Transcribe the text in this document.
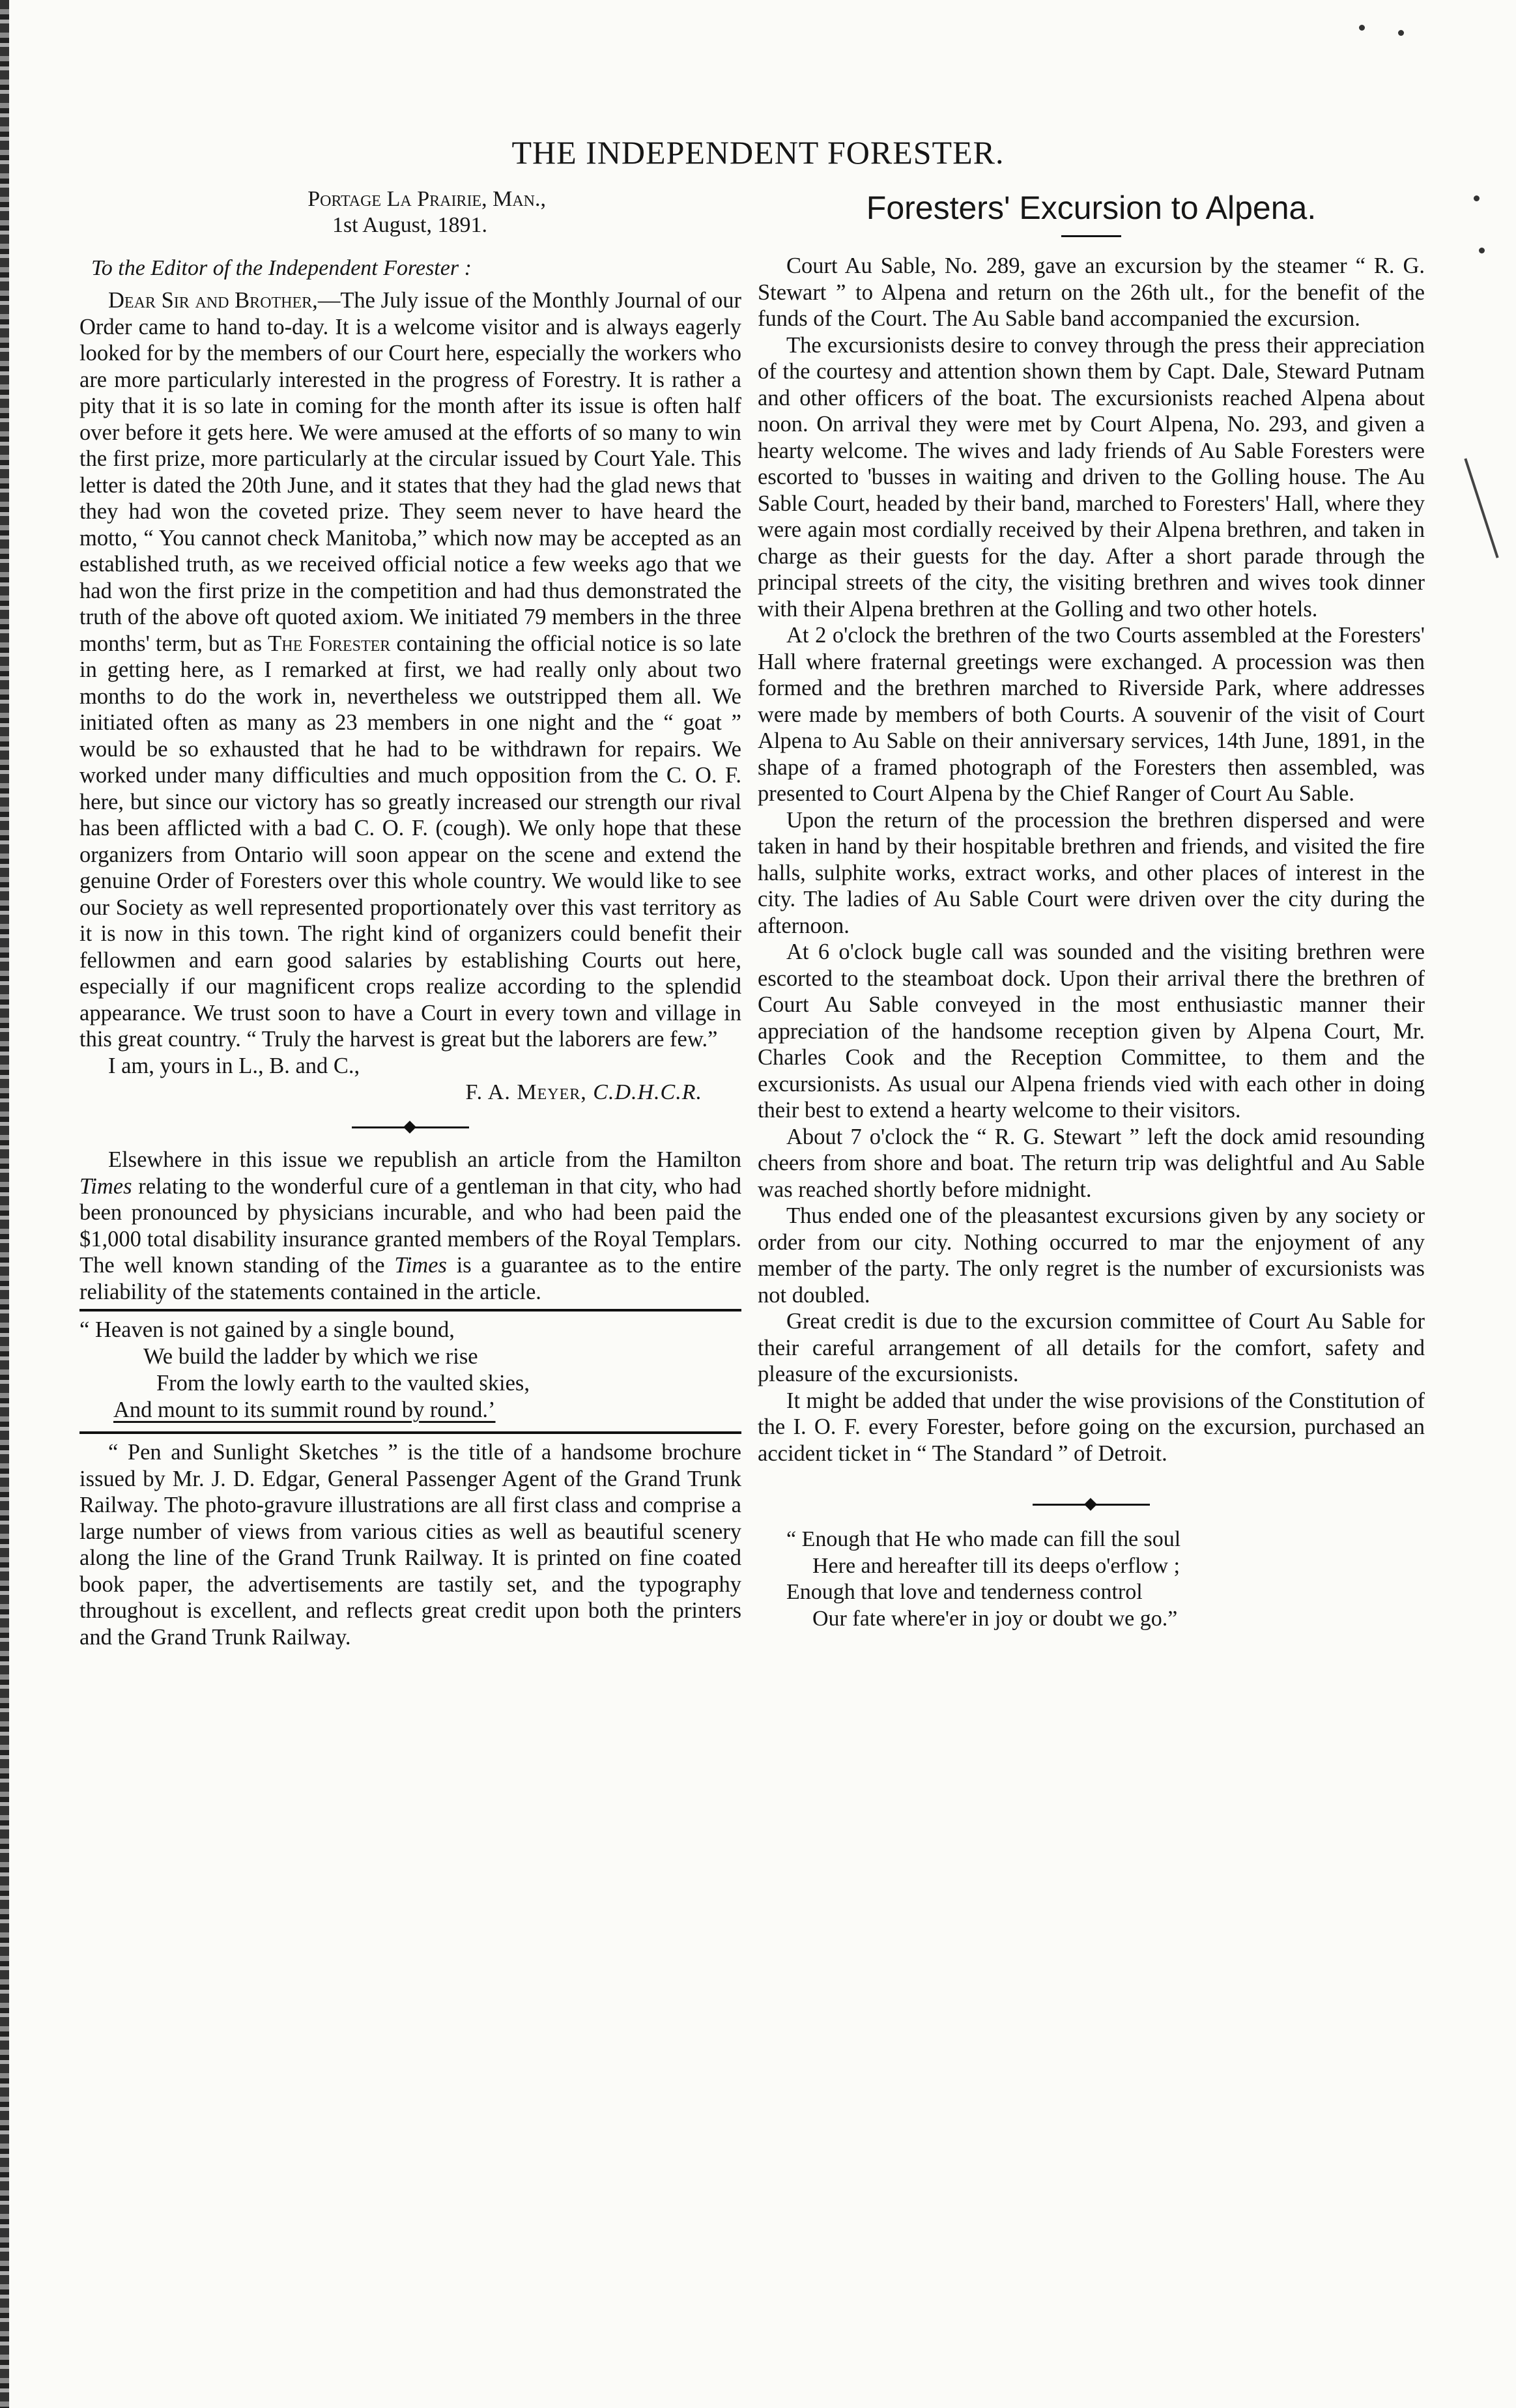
THE INDEPENDENT FORESTER.

Portage La Prairie, Man.,

1st August, 1891.

To the Editor of the Independent Forester :

Dear Sir and Brother,—The July issue of the Monthly Journal of our Order came to hand to-day. It is a welcome visitor and is always eagerly looked for by the members of our Court here, especially the workers who are more particularly interested in the progress of Forestry. It is rather a pity that it is so late in coming for the month after its issue is often half over before it gets here. We were amused at the efforts of so many to win the first prize, more particularly at the circular issued by Court Yale. This letter is dated the 20th June, and it states that they had the glad news that they had won the coveted prize. They seem never to have heard the motto, “ You cannot check Manitoba,” which now may be accepted as an established truth, as we received official notice a few weeks ago that we had won the first prize in the competition and had thus demonstrated the truth of the above oft quoted axiom. We initiated 79 members in the three months' term, but as The Forester containing the official notice is so late in getting here, as I remarked at first, we had really only about two months to do the work in, nevertheless we outstripped them all. We initiated often as many as 23 members in one night and the “ goat ” would be so exhausted that he had to be withdrawn for repairs. We worked under many difficulties and much opposition from the C. O. F. here, but since our victory has so greatly increased our strength our rival has been afflicted with a bad C. O. F. (cough). We only hope that these organizers from Ontario will soon appear on the scene and extend the genuine Order of Foresters over this whole country. We would like to see our Society as well represented proportionately over this vast territory as it is now in this town. The right kind of organizers could benefit their fellowmen and earn good salaries by establishing Courts out here, especially if our magnificent crops realize according to the splendid appearance. We trust soon to have a Court in every town and village in this great country. “ Truly the harvest is great but the laborers are few.”

I am, yours in L., B. and C.,

F. A. Meyer, C.D.H.C.R.

Elsewhere in this issue we republish an article from the Hamilton Times relating to the wonderful cure of a gentleman in that city, who had been pronounced by physicians incurable, and who had been paid the $1,000 total disability insurance granted members of the Royal Templars. The well known standing of the Times is a guarantee as to the entire reliability of the statements contained in the article.

“ Heaven is not gained by a single bound,
We build the ladder by which we rise
From the lowly earth to the vaulted skies,
And mount to its summit round by round.’

“ Pen and Sunlight Sketches ” is the title of a handsome brochure issued by Mr. J. D. Edgar, General Passenger Agent of the Grand Trunk Railway. The photo-gravure illustrations are all first class and comprise a large number of views from various cities as well as beautiful scenery along the line of the Grand Trunk Railway. It is printed on fine coated book paper, the advertisements are tastily set, and the typography throughout is excellent, and reflects great credit upon both the printers and the Grand Trunk Railway.

Foresters' Excursion to Alpena.

Court Au Sable, No. 289, gave an excursion by the steamer “ R. G. Stewart ” to Alpena and return on the 26th ult., for the benefit of the funds of the Court. The Au Sable band accompanied the excursion.

The excursionists desire to convey through the press their appreciation of the courtesy and attention shown them by Capt. Dale, Steward Putnam and other officers of the boat. The excursionists reached Alpena about noon. On arrival they were met by Court Alpena, No. 293, and given a hearty welcome. The wives and lady friends of Au Sable Foresters were escorted to 'busses in waiting and driven to the Golling house. The Au Sable Court, headed by their band, marched to Foresters' Hall, where they were again most cordially received by their Alpena brethren, and taken in charge as their guests for the day. After a short parade through the principal streets of the city, the visiting brethren and wives took dinner with their Alpena brethren at the Golling and two other hotels.

At 2 o'clock the brethren of the two Courts assembled at the Foresters' Hall where fraternal greetings were exchanged. A procession was then formed and the brethren marched to Riverside Park, where addresses were made by members of both Courts. A souvenir of the visit of Court Alpena to Au Sable on their anniversary services, 14th June, 1891, in the shape of a framed photograph of the Foresters then assembled, was presented to Court Alpena by the Chief Ranger of Court Au Sable.

Upon the return of the procession the brethren dispersed and were taken in hand by their hospitable brethren and friends, and visited the fire halls, sulphite works, extract works, and other places of interest in the city. The ladies of Au Sable Court were driven over the city during the afternoon.

At 6 o'clock bugle call was sounded and the visiting brethren were escorted to the steamboat dock. Upon their arrival there the brethren of Court Au Sable conveyed in the most enthusiastic manner their appreciation of the handsome reception given by Alpena Court, Mr. Charles Cook and the Reception Committee, to them and the excursionists. As usual our Alpena friends vied with each other in doing their best to extend a hearty welcome to their visitors.

About 7 o'clock the “ R. G. Stewart ” left the dock amid resounding cheers from shore and boat. The return trip was delightful and Au Sable was reached shortly before midnight.

Thus ended one of the pleasantest excursions given by any society or order from our city. Nothing occurred to mar the enjoyment of any member of the party. The only regret is the number of excursionists was not doubled.

Great credit is due to the excursion committee of Court Au Sable for their careful arrangement of all details for the comfort, safety and pleasure of the excursionists.

It might be added that under the wise provisions of the Constitution of the I. O. F. every Forester, before going on the excursion, purchased an accident ticket in “ The Standard ” of Detroit.

“ Enough that He who made can fill the soul
Here and hereafter till its deeps o'erflow ;
Enough that love and tenderness control
Our fate where'er in joy or doubt we go.”
